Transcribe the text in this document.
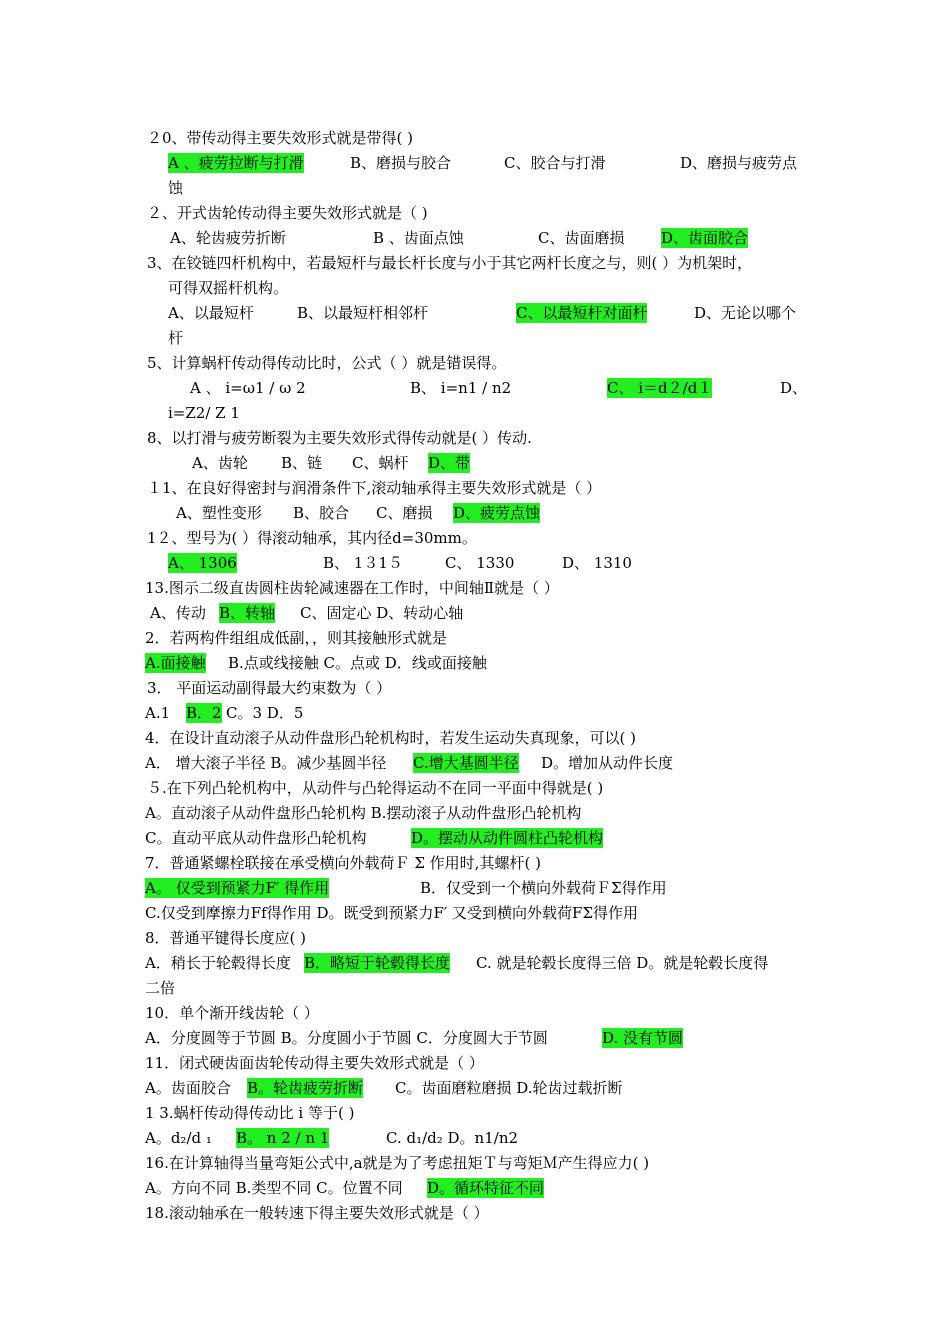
２0、带传动得主要失效形式就是带得( )
A 、疲劳拉断与打滑	B、磨损与胶合	C、胶合与打滑	D、磨损与疲劳点
蚀
２、开式齿轮传动得主要失效形式就是（ )
A、轮齿疲劳折断	B 、齿面点蚀	C、齿面磨损 D、齿面胶合
3、在铰链四杆机构中，若最短杆与最长杆长度与小于其它两杆长度之与，则( ）为机架时，
可得双摇杆机构。
A、以最短杆	B、以最短杆相邻杆	C、以最短杆对面杆	D、无论以哪个
杆
5、计算蜗杆传动得传动比时，公式（ ）就是错误得。
A 、 i=ω1 / ω 2	B、 i=n1 / n2	C、 i＝d２/d１	D、
i=Z2/ Z 1
8、以打滑与疲劳断裂为主要失效形式得传动就是( ）传动.
A、齿轮 B、链 C、蜗杆 D、带
１1、在良好得密封与润滑条件下,滚动轴承得主要失效形式就是（ ）
A、塑性变形 B、胶合 C、磨损 D、疲劳点蚀
1２、型号为( ）得滚动轴承，其内径d=30mm。
A、 1306	B、 1３1５	C、 1330	D、 1310
13.图示二级直齿圆柱齿轮减速器在工作时，中间轴Ⅱ就是（ ）
A、传动 B、转轴 C、固定心 D、转动心轴
2．若两构件组组成低副，，则其接触形式就是
A.面接触 B.点或线接触 C。点或 D．线或面接触
3． 平面运动副得最大约束数为（ ）
A.1 B．2 C。3 D．5
4．在设计直动滚子从动件盘形凸轮机构时，若发生运动失真现象，可以( )
A． 增大滚子半径 B。减少基圆半径 C.增大基圆半径 D。增加从动件长度
５.在下列凸轮机构中，从动件与凸轮得运动不在同一平面中得就是( )
A。直动滚子从动件盘形凸轮机构 B.摆动滚子从动件盘形凸轮机构
C。直动平底从动件盘形凸轮机构	D。摆动从动件圆柱凸轮机构
7．普通紧螺栓联接在承受横向外载荷Ｆ Σ 作用时,其螺杆( )
A。 仅受到预紧力F′ 得作用	B．仅受到一个横向外载荷ＦΣ得作用
C.仅受到摩擦力Ff得作用 D。既受到预紧力F′ 又受到横向外载荷FΣ得作用
8．普通平键得长度应( )
A．稍长于轮毂得长度 B．略短于轮毂得长度 C. 就是轮毂长度得三倍 D。就是轮毂长度得
二倍
10．单个渐开线齿轮（ ）
A．分度圆等于节圆 B。分度圆小于节圆 C．分度圆大于节圆	D. 没有节圆
11．闭式硬齿面齿轮传动得主要失效形式就是（ ）
A。齿面胶合 B。轮齿疲劳折断 C。齿面磨粒磨损 D.轮齿过载折断
1 3.蜗杆传动得传动比 i 等于( )
A。d₂/d ₁ B。 n 2 / n 1	C. d₁/d₂ D。n1/n2
16.在计算轴得当量弯矩公式中,a就是为了考虑扭矩Ｔ与弯矩Ｍ产生得应力( )
A。方向不同 B.类型不同 C。位置不同 D。循环特征不同
18.滚动轴承在一般转速下得主要失效形式就是（ ）
